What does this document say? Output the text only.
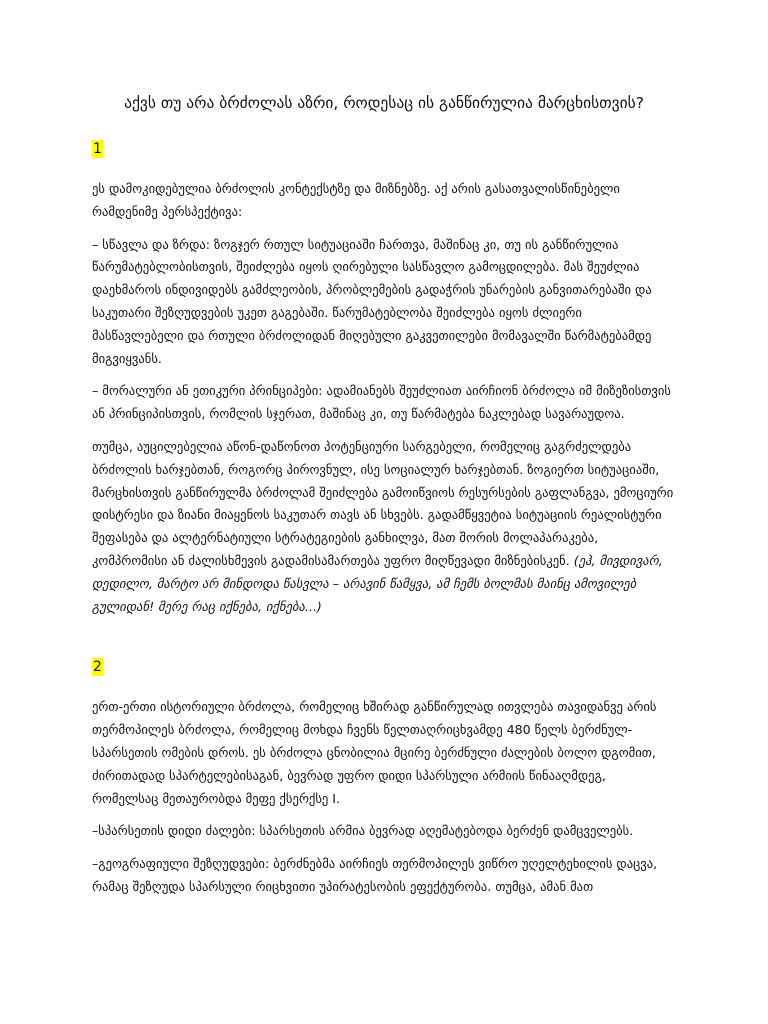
აქვს თუ არა ბრძოლას აზრი, როდესაც ის განწირულია მარცხისთვის?
1

ეს დამოკიდებულია ბრძოლის კონტექსტზე და მიზნებზე. აქ არის გასათვალისწინებელი რამდენიმე პერსპექტივა:

– სწავლა და ზრდა: ზოგჯერ რთულ სიტუაციაში ჩართვა, მაშინაც კი, თუ ის განწირულია წარუმატებლობისთვის, შეიძლება იყოს ღირებული სასწავლო გამოცდილება. მას შეუძლია დაეხმაროს ინდივიდებს გამძლეობის, პრობლემების გადაჭრის უნარების განვითარებაში და საკუთარი შეზღუდვების უკეთ გაგებაში. წარუმატებლობა შეიძლება იყოს ძლიერი მასწავლებელი და რთული ბრძოლიდან მიღებული გაკვეთილები მომავალში წარმატებამდე მიგვიყვანს.

– მორალური ან ეთიკური პრინციპები: ადამიანებს შეუძლიათ აირჩიონ ბრძოლა იმ მიზეზისთვის ან პრინციპისთვის, რომლის სჯერათ, მაშინაც კი, თუ წარმატება ნაკლებად სავარაუდოა.

თუმცა, აუცილებელია აწონ-დაწონოთ პოტენციური სარგებელი, რომელიც გაგრძელდება ბრძოლის ხარჯებთან, როგორც პიროვნულ, ისე სოციალურ ხარჯებთან. ზოგიერთ სიტუაციაში, მარცხისთვის განწირულმა ბრძოლამ შეიძლება გამოიწვიოს რესურსების გაფლანგვა, ემოციური დისტრესი და ზიანი მიაყენოს საკუთარ თავს ან სხვებს. გადამწყვეტია სიტუაციის რეალისტური შეფასება და ალტერნატიული სტრატეგიების განხილვა, მათ შორის მოლაპარაკება, კომპრომისი ან ძალისხმევის გადამისამართება უფრო მიღწევადი მიზნებისკენ. (ეჰ, მივდივარ, დედილო, მარტო არ მინდოდა წასვლა – არავინ წამყვა, ამ ჩემს ბოლმას მაინც ამოვილებ გულიდან! მერე რაც იქნება, იქნება...)

2

ერთ-ერთი ისტორიული ბრძოლა, რომელიც ხშირად განწირულად ითვლება თავიდანვე არის თერმოპილეს ბრძოლა, რომელიც მოხდა ჩვენს წელთაღრიცხვამდე 480 წელს ბერძნულ-სპარსეთის ომების დროს. ეს ბრძოლა ცნობილია მცირე ბერძნული ძალების ბოლო დგომით, ძირითადად სპარტელებისაგან, ბევრად უფრო დიდი სპარსული არმიის წინააღმდეგ, რომელსაც მეთაურობდა მეფე ქსერქსე I.

–სპარსეთის დიდი ძალები: სპარსეთის არმია ბევრად აღემატებოდა ბერძენ დამცველებს.

–გეოგრაფიული შეზღუდვები: ბერძნებმა აირჩიეს თერმოპილეს ვიწრო უღელტეხილის დაცვა, რამაც შეზღუდა სპარსული რიცხვითი უპირატესობის ეფექტურობა. თუმცა, ამან მათ
